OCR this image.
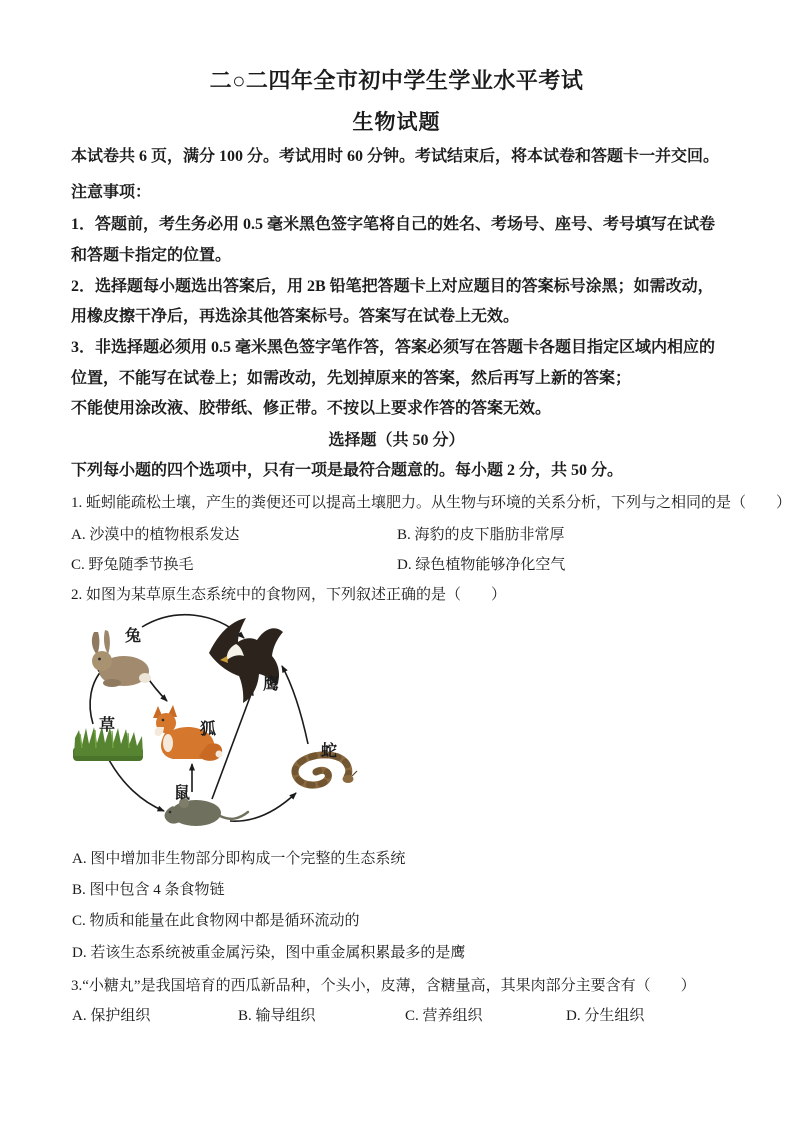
二○二四年全市初中学生学业水平考试
生物试题
本试卷共 6 页，满分 100 分。考试用时 60 分钟。考试结束后，将本试卷和答题卡一并交回。
注意事项：
1．答题前，考生务必用 0.5 毫米黑色签字笔将自己的姓名、考场号、座号、考号填写在试卷
和答题卡指定的位置。
2．选择题每小题选出答案后，用 2B 铅笔把答题卡上对应题目的答案标号涂黑；如需改动，
用橡皮擦干净后，再选涂其他答案标号。答案写在试卷上无效。
3．非选择题必须用 0.5 毫米黑色签字笔作答，答案必须写在答题卡各题目指定区域内相应的
位置，不能写在试卷上；如需改动，先划掉原来的答案，然后再写上新的答案；
不能使用涂改液、胶带纸、修正带。不按以上要求作答的答案无效。
选择题（共 50 分）
下列每小题的四个选项中，只有一项是最符合题意的。每小题 2 分，共 50 分。
1. 蚯蚓能疏松土壤，产生的粪便还可以提高土壤肥力。从生物与环境的关系分析，下列与之相同的是（　　）
A. 沙漠中的植物根系发达	B. 海豹的皮下脂肪非常厚
C. 野兔随季节换毛	D. 绿色植物能够净化空气
2. 如图为某草原生态系统中的食物网，下列叙述正确的是（　　）
兔
鹰
草	狐
蛇
鼠
A. 图中增加非生物部分即构成一个完整的生态系统
B. 图中包含 4 条食物链
C. 物质和能量在此食物网中都是循环流动的
D. 若该生态系统被重金属污染，图中重金属积累最多的是鹰
3.“小糖丸”是我国培育的西瓜新品种，个头小，皮薄，含糖量高，其果肉部分主要含有（　　）
A. 保护组织	B. 输导组织	C. 营养组织	D. 分生组织
